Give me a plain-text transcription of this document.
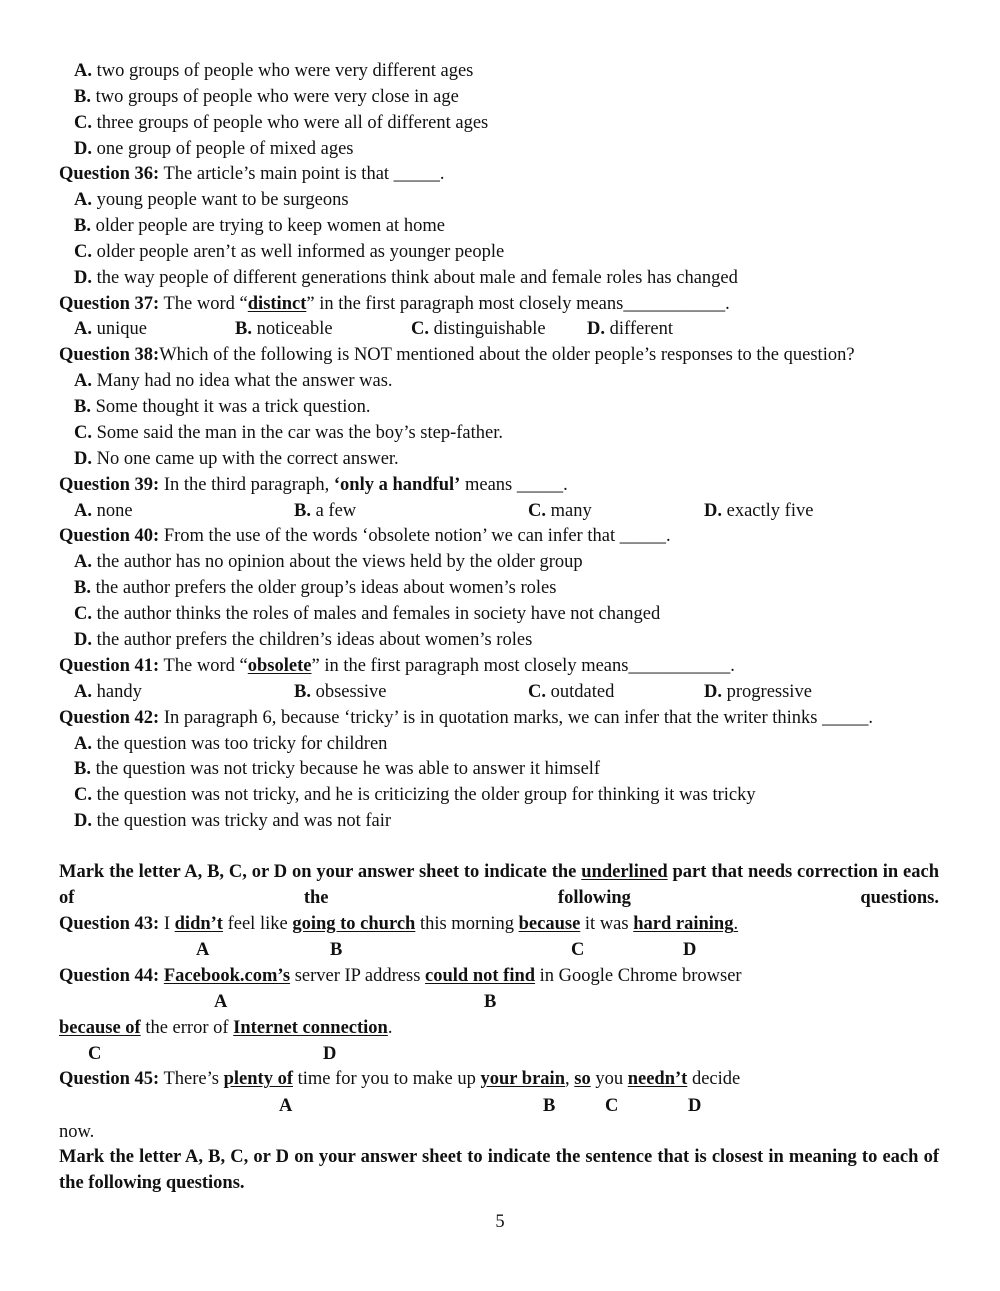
A. two groups of people who were very different ages
B. two groups of people who were very close in age
C. three groups of people who were all of different ages
D. one group of people of mixed ages
Question 36: The article’s main point is that _____.
A. young people want to be surgeons
B. older people are trying to keep women at home
C. older people aren’t as well informed as younger people
D. the way people of different generations think about male and female roles has changed
Question 37: The word “distinct” in the first paragraph most closely means___________.
A. unique	B. noticeable	C. distinguishable D. different
Question 38:Which of the following is NOT mentioned about the older people’s responses to the question?
A. Many had no idea what the answer was.
B. Some thought it was a trick question.
C. Some said the man in the car was the boy’s step-father.
D. No one came up with the correct answer.
Question 39: In the third paragraph, ‘only a handful’ means _____.
A. none	B. a few	C. many	D. exactly five
Question 40: From the use of the words ‘obsolete notion’ we can infer that _____.
A. the author has no opinion about the views held by the older group
B. the author prefers the older group’s ideas about women’s roles
C. the author thinks the roles of males and females in society have not changed
D. the author prefers the children’s ideas about women’s roles
Question 41: The word “obsolete” in the first paragraph most closely means___________.
A. handy	B. obsessive	C. outdated	D. progressive
Question 42: In paragraph 6, because ‘tricky’ is in quotation marks, we can infer that the writer thinks _____.
A. the question was too tricky for children
B. the question was not tricky because he was able to answer it himself
C. the question was not tricky, and he is criticizing the older group for thinking it was tricky
D. the question was tricky and was not fair
Mark the letter A, B, C, or D on your answer sheet to indicate the underlined part that needs correction in each of the following questions.
Question 43: I didn’t feel like going to church this morning because it was hard raining.
A	B	C	D
Question 44: Facebook.com’s server IP address could not find in Google Chrome browser
A	B
because of the error of Internet connection.
C	D
Question 45: There’s plenty of time for you to make up your brain, so you needn’t decide
A	B	C	D
now.
Mark the letter A, B, C, or D on your answer sheet to indicate the sentence that is closest in meaning to each of the following questions.
5
